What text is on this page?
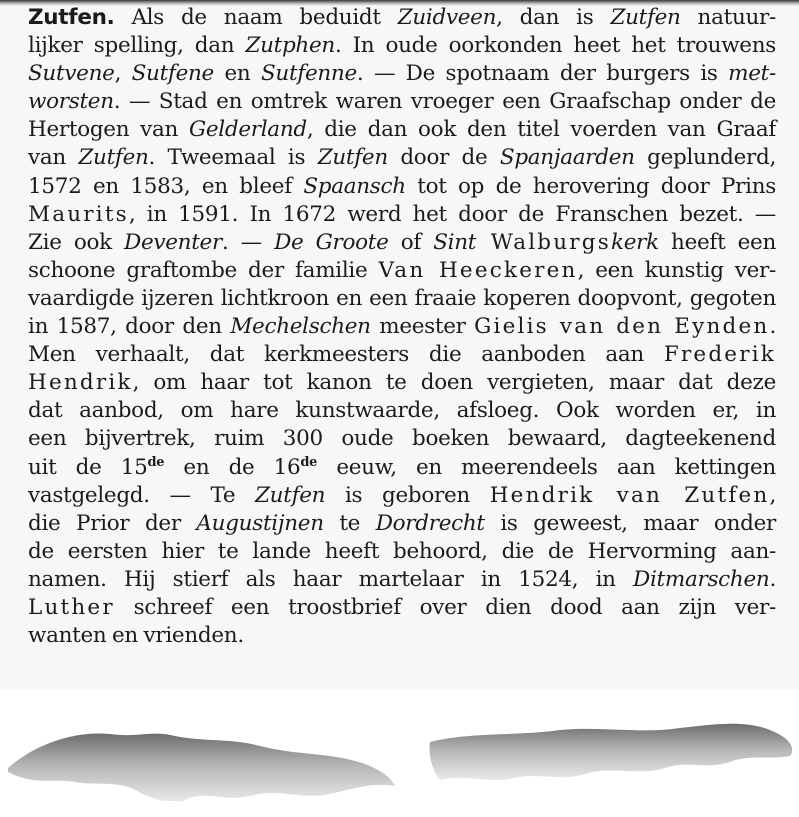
Zutfen. Als de naam beduidt Zuidveen, dan is Zutfen natuur-
lijker spelling, dan Zutphen. In oude oorkonden heet het trouwens
Sutvene, Sutfene en Sutfenne. — De spotnaam der burgers is met-
worsten. — Stad en omtrek waren vroeger een Graafschap onder de
Hertogen van Gelderland, die dan ook den titel voerden van Graaf
van Zutfen. Tweemaal is Zutfen door de Spanjaarden geplunderd,
1572 en 1583, en bleef Spaansch tot op de herovering door Prins
Maurits, in 1591. In 1672 werd het door de Franschen bezet. —
Zie ook Deventer. — De Groote of Sint Walburgskerk heeft een
schoone graftombe der familie Van Heeckeren, een kunstig ver-
vaardigde ijzeren lichtkroon en een fraaie koperen doopvont, gegoten
in 1587, door den Mechelschen meester Gielis van den Eynden.
Men verhaalt, dat kerkmeesters die aanboden aan Frederik
Hendrik, om haar tot kanon te doen vergieten, maar dat deze
dat aanbod, om hare kunstwaarde, afsloeg. Ook worden er, in
een bijvertrek, ruim 300 oude boeken bewaard, dagteekenend
uit de 15de en de 16de eeuw, en meerendeels aan kettingen
vastgelegd. — Te Zutfen is geboren Hendrik van Zutfen,
die Prior der Augustijnen te Dordrecht is geweest, maar onder
de eersten hier te lande heeft behoord, die de Hervorming aan-
namen. Hij stierf als haar martelaar in 1524, in Ditmarschen.
Luther schreef een troostbrief over dien dood aan zijn ver-
wanten en vrienden.
